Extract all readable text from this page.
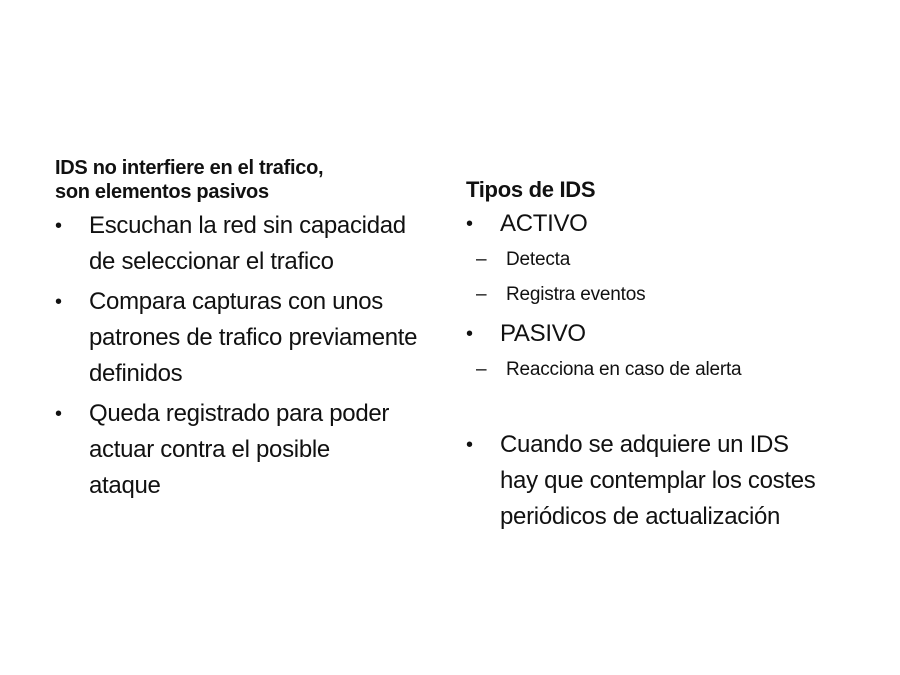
IDS no interfiere en el trafico,
son elementos pasivos

• Escuchan la red sin capacidad de seleccionar el trafico
• Compara capturas con unos patrones de trafico previamente definidos
• Queda registrado para poder actuar contra el posible ataque

Tipos de IDS

• ACTIVO
– Detecta
– Registra eventos
• PASIVO
– Reacciona en caso de alerta
• Cuando se adquiere un IDS hay que contemplar los costes periódicos de actualización
